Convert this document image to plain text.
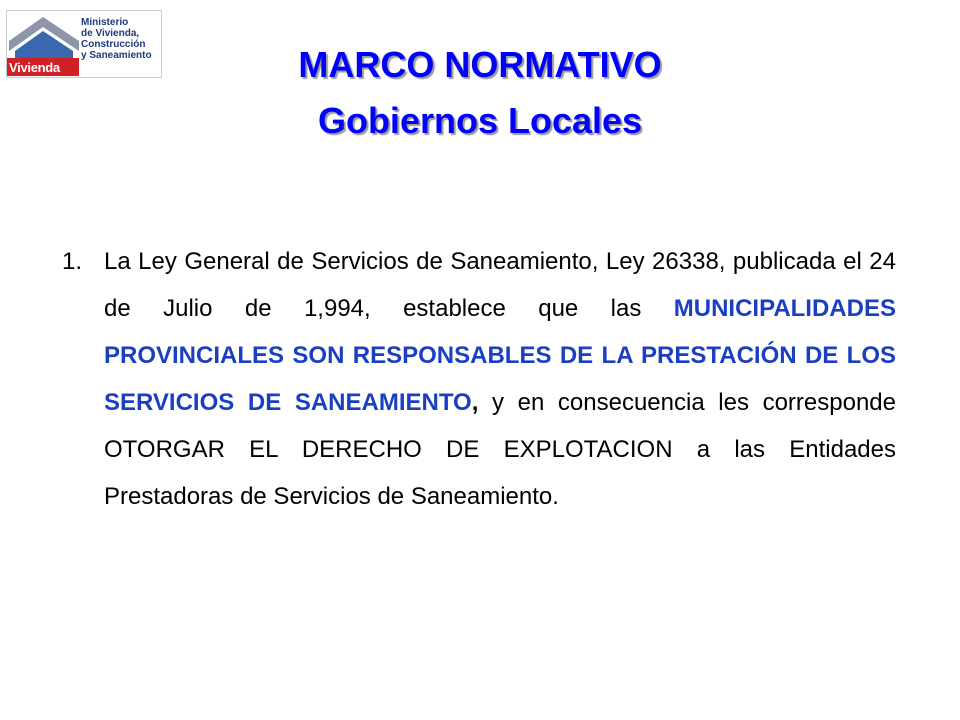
Vivienda
Ministerio
de Vivienda,
Construcción
y Saneamiento	MARCO NORMATIVO
Gobiernos Locales
1. La Ley General de Servicios de Saneamiento, Ley 26338, publicada el 24 de Julio de 1,994, establece que las MUNICIPALIDADES PROVINCIALES SON RESPONSABLES DE LA PRESTACIÓN DE LOS SERVICIOS DE SANEAMIENTO, y en consecuencia les corresponde OTORGAR EL DERECHO DE EXPLOTACION a las Entidades Prestadoras de Servicios de Saneamiento.
